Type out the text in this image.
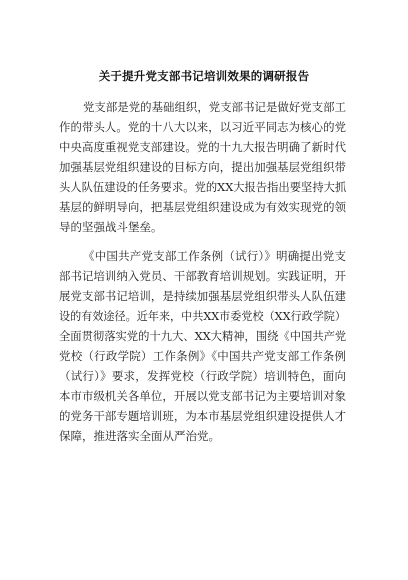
关于提升党支部书记培训效果的调研报告
党支部是党的基础组织，党支部书记是做好党支部工
作的带头人。党的十八大以来，以习近平同志为核心的党
中央高度重视党支部建设。党的十九大报告明确了新时代
加强基层党组织建设的目标方向，提出加强基层党组织带
头人队伍建设的任务要求。党的XX大报告指出要坚持大抓
基层的鲜明导向，把基层党组织建设成为有效实现党的领
导的坚强战斗堡垒。
《中国共产党支部工作条例（试行）》明确提出党支
部书记培训纳入党员、干部教育培训规划。实践证明，开
展党支部书记培训，是持续加强基层党组织带头人队伍建
设的有效途径。近年来，中共XX市委党校（XX行政学院）
全面贯彻落实党的十九大、XX大精神，围绕《中国共产党
党校（行政学院）工作条例》《中国共产党支部工作条例
（试行）》要求，发挥党校（行政学院）培训特色，面向
本市市级机关各单位，开展以党支部书记为主要培训对象
的党务干部专题培训班，为本市基层党组织建设提供人才
保障，推进落实全面从严治党。
